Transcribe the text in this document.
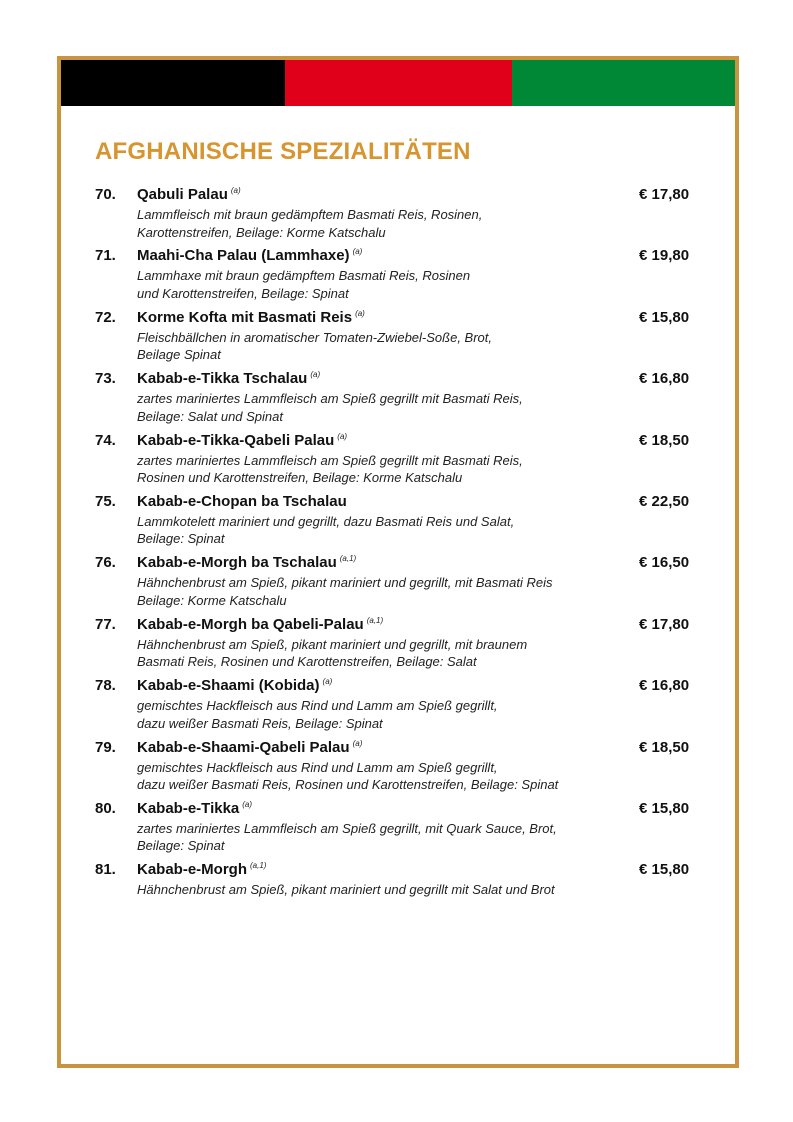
AFGHANISCHE SPEZIALITÄTEN
70.	Qabuli Palau $^{(a)}$	€ 17,80
Lammfleisch mit braun gedämpftem Basmati Reis, Rosinen,
Karottenstreifen, Beilage: Korme Katschalu
71.	Maahi-Cha Palau (Lammhaxe) $^{(a)}$	€ 19,80
Lammhaxe mit braun gedämpftem Basmati Reis, Rosinen
und Karottenstreifen, Beilage: Spinat
72.	Korme Kofta mit Basmati Reis $^{(a)}$	€ 15,80
Fleischbällchen in aromatischer Tomaten-Zwiebel-Soße, Brot,
Beilage Spinat
73.	Kabab-e-Tikka Tschalau $^{(a)}$	€ 16,80
zartes mariniertes Lammfleisch am Spieß gegrillt mit Basmati Reis,
Beilage: Salat und Spinat
74.	Kabab-e-Tikka-Qabeli Palau $^{(a)}$	€ 18,50
zartes mariniertes Lammfleisch am Spieß gegrillt mit Basmati Reis,
Rosinen und Karottenstreifen, Beilage: Korme Katschalu
75.	Kabab-e-Chopan ba Tschalau	€ 22,50
Lammkotelett mariniert und gegrillt, dazu Basmati Reis und Salat,
Beilage: Spinat
76.	Kabab-e-Morgh ba Tschalau $^{(a,1)}$	€ 16,50
Hähnchenbrust am Spieß, pikant mariniert und gegrillt, mit Basmati Reis
Beilage: Korme Katschalu
77.	Kabab-e-Morgh ba Qabeli-Palau $^{(a,1)}$	€ 17,80
Hähnchenbrust am Spieß, pikant mariniert und gegrillt, mit braunem
Basmati Reis, Rosinen und Karottenstreifen, Beilage: Salat
78.	Kabab-e-Shaami (Kobida) $^{(a)}$	€ 16,80
gemischtes Hackfleisch aus Rind und Lamm am Spieß gegrillt,
dazu weißer Basmati Reis, Beilage: Spinat
79.	Kabab-e-Shaami-Qabeli Palau $^{(a)}$	€ 18,50
gemischtes Hackfleisch aus Rind und Lamm am Spieß gegrillt,
dazu weißer Basmati Reis, Rosinen und Karottenstreifen, Beilage: Spinat
80.	Kabab-e-Tikka $^{(a)}$	€ 15,80
zartes mariniertes Lammfleisch am Spieß gegrillt, mit Quark Sauce, Brot,
Beilage: Spinat
81.	Kabab-e-Morgh $^{(a,1)}$	€ 15,80
Hähnchenbrust am Spieß, pikant mariniert und gegrillt mit Salat und Brot
